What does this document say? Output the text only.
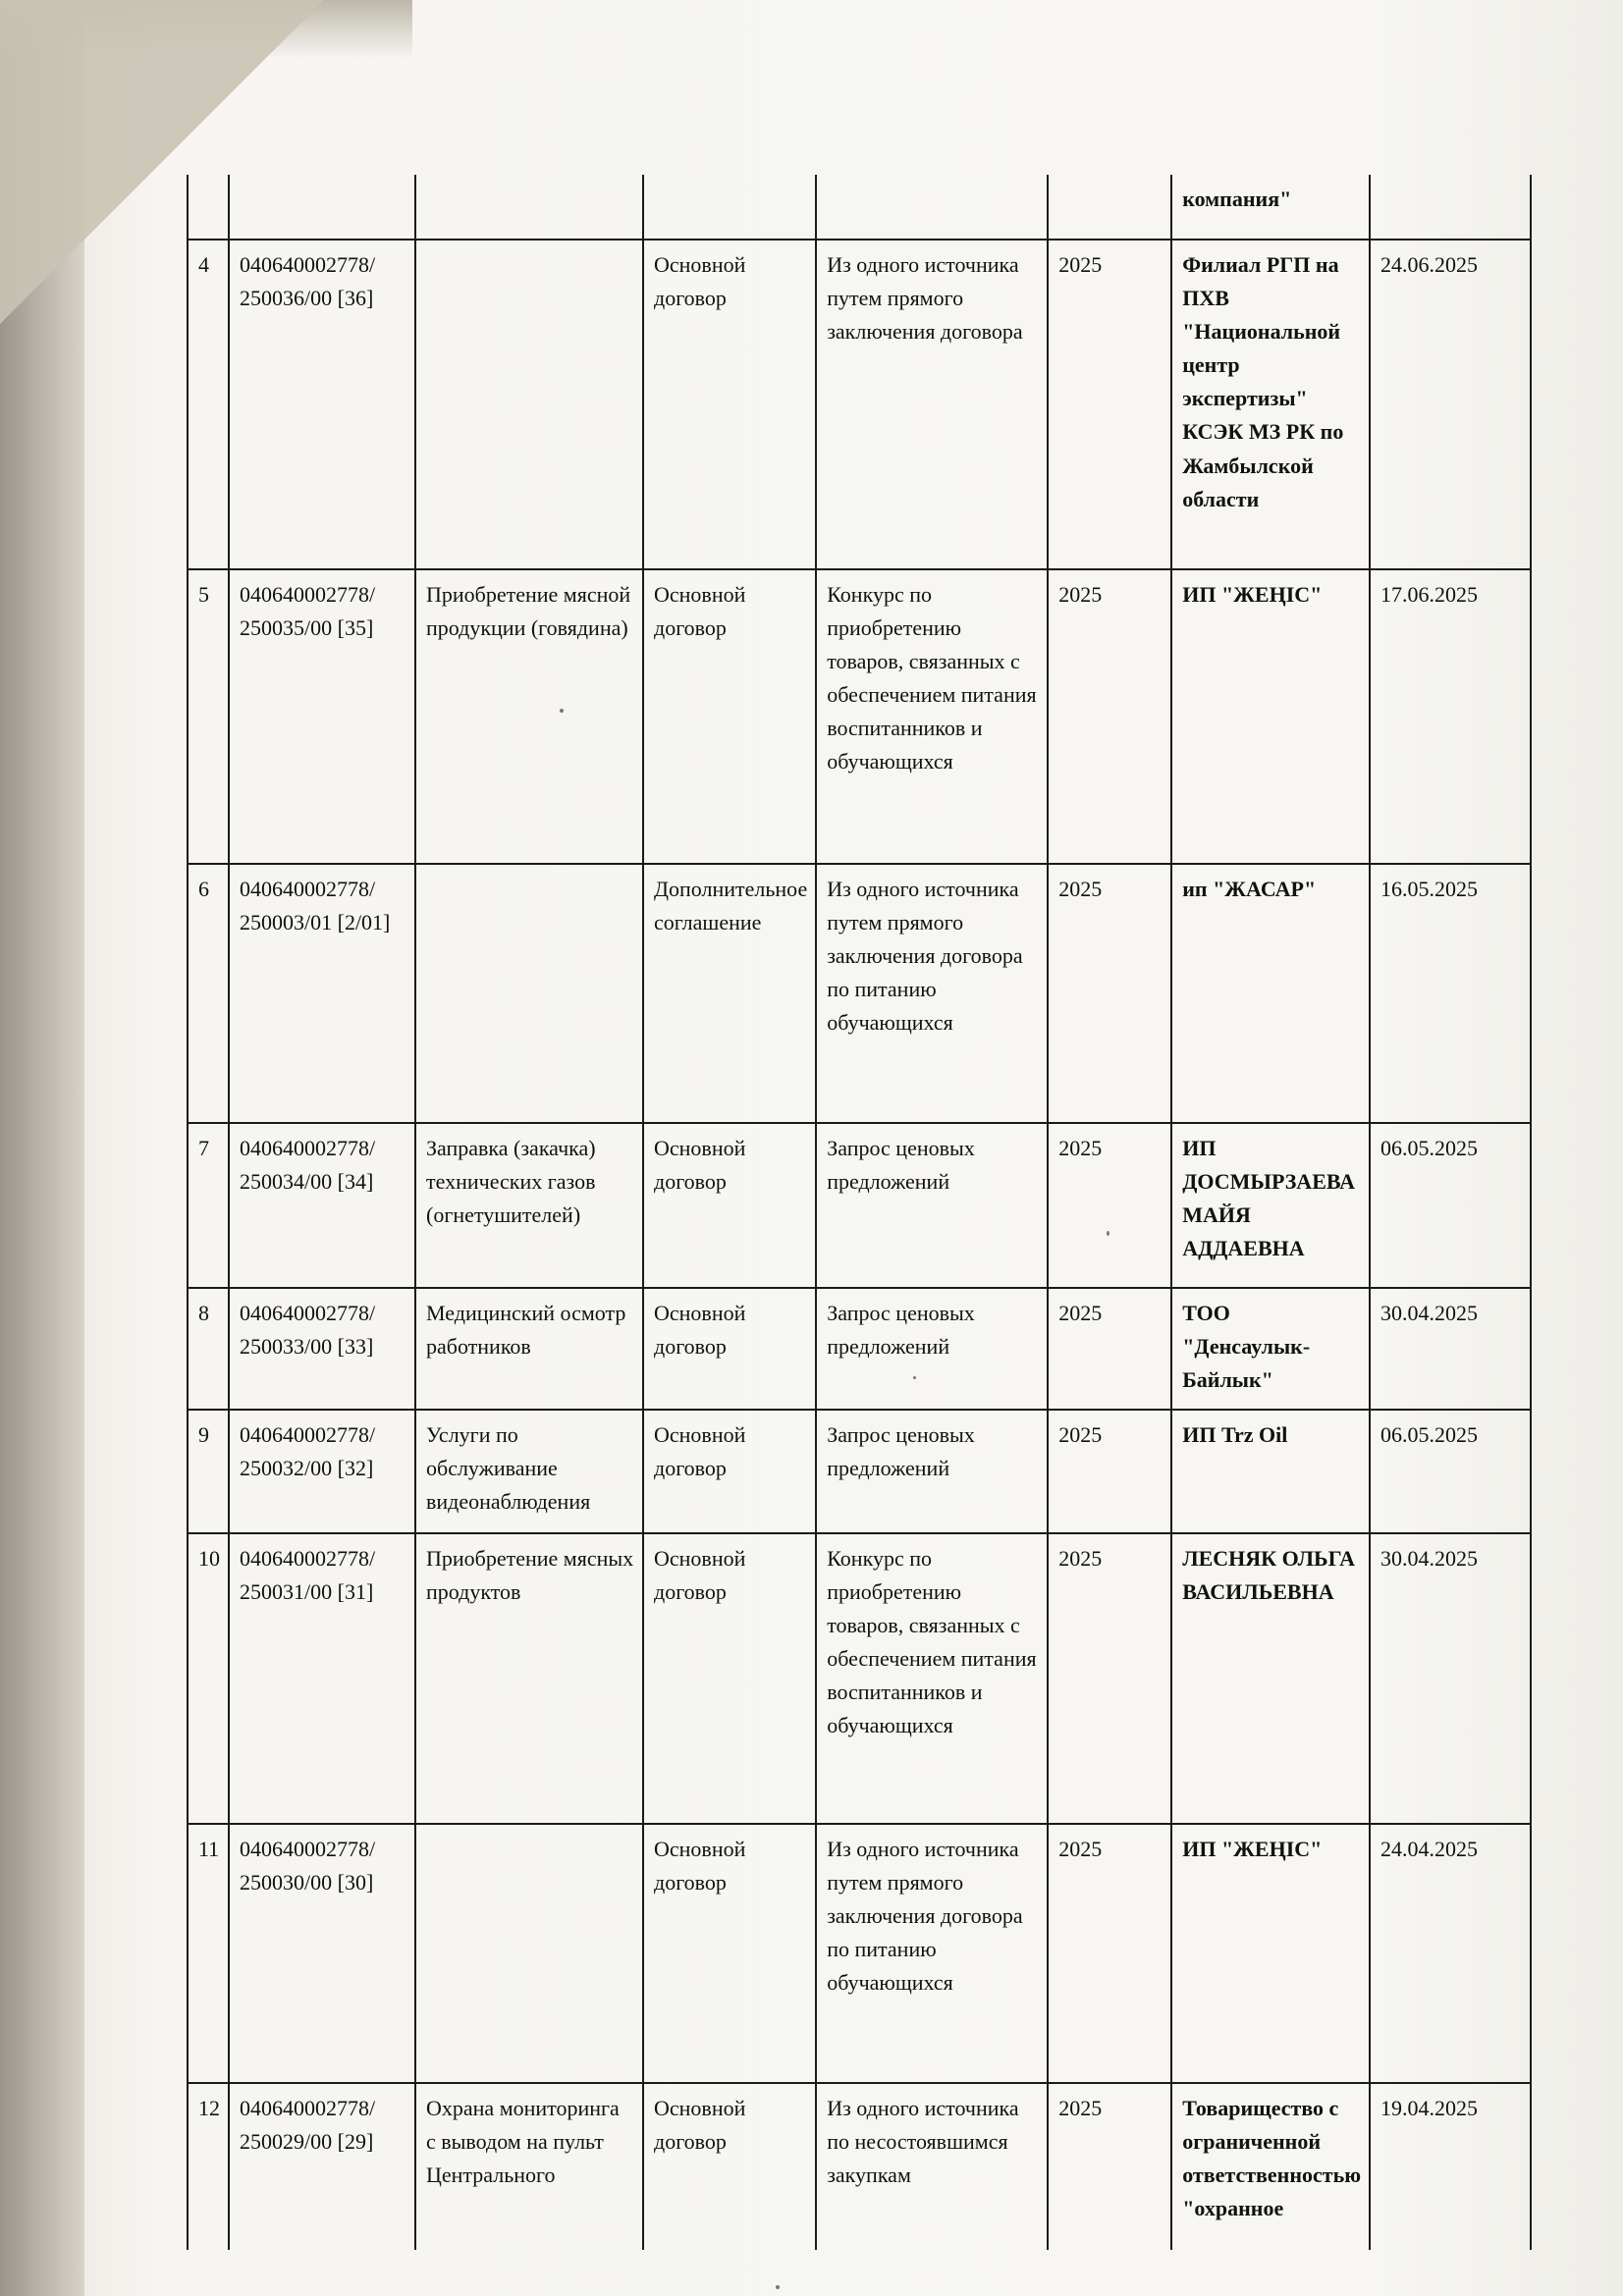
						компания"	
4	040640002778/ 250036/00 [36]		Основной договор	Из одного источника путем прямого заключения договора	2025	Филиал РГП на ПХВ "Национальной центр экспертизы" КСЭК МЗ РК по Жамбылской области	24.06.2025
5	040640002778/ 250035/00 [35]	Приобретение мясной продукции (говядина)	Основной договор	Конкурс по приобретению товаров, связанных с обеспечением питания воспитанников и обучающихся	2025	ИП "ЖЕҢІС"	17.06.2025
6	040640002778/ 250003/01 [2/01]		Дополнительное соглашение	Из одного источника путем прямого заключения договора по питанию обучающихся	2025	ип "ЖАСАР"	16.05.2025
7	040640002778/ 250034/00 [34]	Заправка (закачка) технических газов (огнетушителей)	Основной договор	Запрос ценовых предложений	2025	ИП ДОСМЫРЗАЕВА МАЙЯ АДДАЕВНА	06.05.2025
8	040640002778/ 250033/00 [33]	Медицинский осмотр работников	Основной договор	Запрос ценовых предложений	2025	ТОО "Денсаулык-Байлык"	30.04.2025
9	040640002778/ 250032/00 [32]	Услуги по обслуживание видеонаблюдения	Основной договор	Запрос ценовых предложений	2025	ИП Trz Oil	06.05.2025
10	040640002778/ 250031/00 [31]	Приобретение мясных продуктов	Основной договор	Конкурс по приобретению товаров, связанных с обеспечением питания воспитанников и обучающихся	2025	ЛЕСНЯК ОЛЬГА ВАСИЛЬЕВНА	30.04.2025
11	040640002778/ 250030/00 [30]		Основной договор	Из одного источника путем прямого заключения договора по питанию обучающихся	2025	ИП "ЖЕҢІС"	24.04.2025
12	040640002778/ 250029/00 [29]	Охрана мониторинга с выводом на пульт Центрального	Основной договор	Из одного источника по несостоявшимся закупкам	2025	Товарищество с ограниченной ответственностью "охранное	19.04.2025
